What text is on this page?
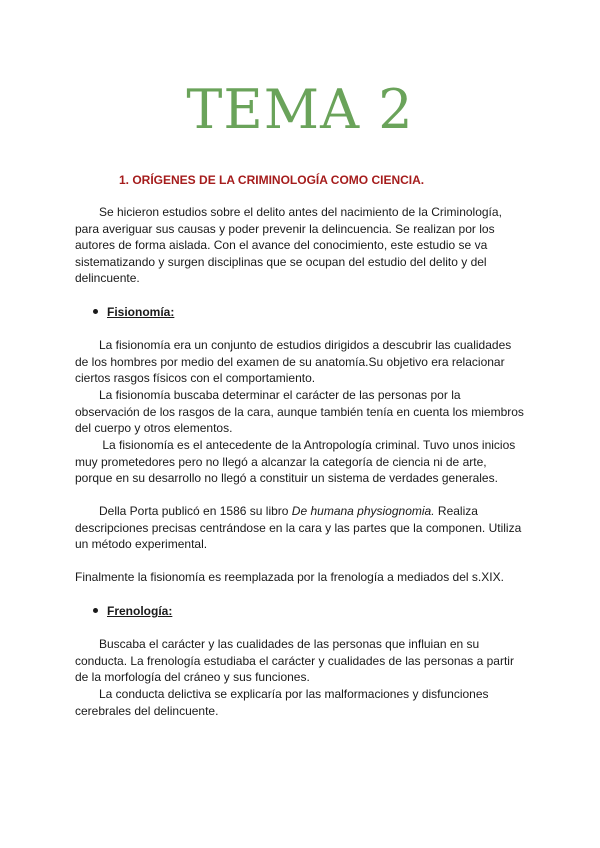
TEMA 2
1. ORÍGENES DE LA CRIMINOLOGÍA COMO CIENCIA.

Se hicieron estudios sobre el delito antes del nacimiento de la Criminología, para averiguar sus causas y poder prevenir la delincuencia. Se realizan por los autores de forma aislada. Con el avance del conocimiento, este estudio se va sistematizando y surgen disciplinas que se ocupan del estudio del delito y del delincuente.

Fisionomía:

La fisionomía era un conjunto de estudios dirigidos a descubrir las cualidades de los hombres por medio del examen de su anatomía.Su objetivo era relacionar ciertos rasgos físicos con el comportamiento.

La fisionomía buscaba determinar el carácter de las personas por la observación de los rasgos de la cara, aunque también tenía en cuenta los miembros del cuerpo y otros elementos.

La fisionomía es el antecedente de la Antropología criminal. Tuvo unos inicios muy prometedores pero no llegó a alcanzar la categoría de ciencia ni de arte, porque en su desarrollo no llegó a constituir un sistema de verdades generales.

Della Porta publicó en 1586 su libro De humana physiognomia. Realiza descripciones precisas centrándose en la cara y las partes que la componen. Utiliza un método experimental.

Finalmente la fisionomía es reemplazada por la frenología a mediados del s.XIX.

Frenología:

Buscaba el carácter y las cualidades de las personas que influian en su conducta. La frenología estudiaba el carácter y cualidades de las personas a partir de la morfología del cráneo y sus funciones.

La conducta delictiva se explicaría por las malformaciones y disfunciones cerebrales del delincuente.
